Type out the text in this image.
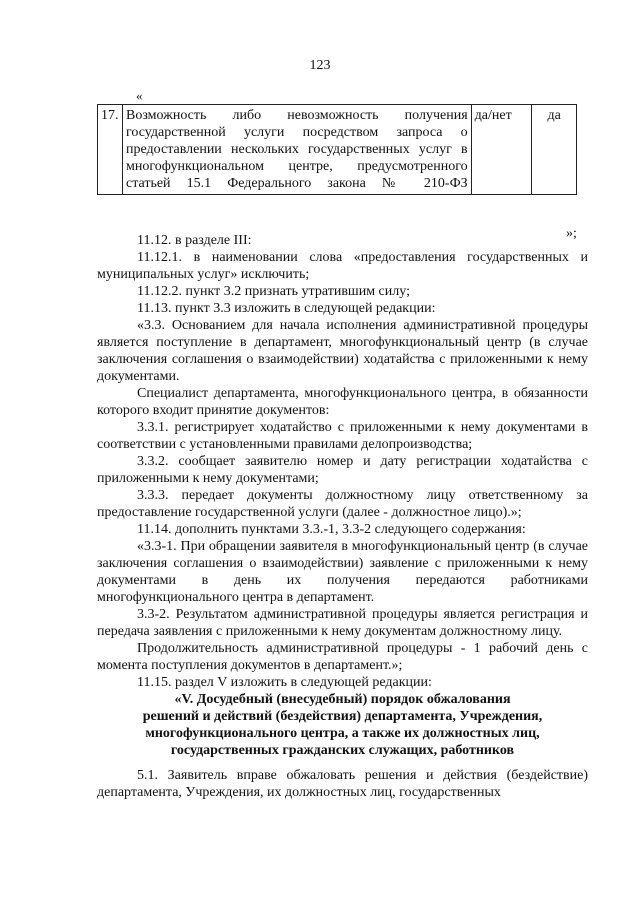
123
«
17.	Возможность либо невозможность получения государственной услуги посредством запроса о предоставлении нескольких государственных услуг в многофункциональном центре, предусмотренного статьей 15.1 Федерального закона № 210-ФЗ	да/нет	да
»;

11.12. в разделе III:

11.12.1. в наименовании слова «предоставления государственных и муниципальных услуг» исключить;

11.12.2. пункт 3.2 признать утратившим силу;

11.13. пункт 3.3 изложить в следующей редакции:

«3.3. Основанием для начала исполнения административной процедуры является поступление в департамент, многофункциональный центр (в случае заключения соглашения о взаимодействии) ходатайства с приложенными к нему документами.

Специалист департамента, многофункционального центра, в обязанности которого входит принятие документов:

3.3.1. регистрирует ходатайство с приложенными к нему документами в соответствии с установленными правилами делопроизводства;

3.3.2. сообщает заявителю номер и дату регистрации ходатайства с приложенными к нему документами;

3.3.3. передает документы должностному лицу ответственному за предоставление государственной услуги (далее - должностное лицо).»;

11.14. дополнить пунктами 3.3.-1, 3.3-2 следующего содержания:

«3.3-1. При обращении заявителя в многофункциональный центр (в случае заключения соглашения о взаимодействии) заявление с приложенными к нему документами в день их получения передаются работниками многофункционального центра в департамент.

3.3-2. Результатом административной процедуры является регистрация и передача заявления с приложенными к нему документам должностному лицу.

Продолжительность административной процедуры - 1 рабочий день с момента поступления документов в департамент.»;

11.15. раздел V изложить в следующей редакции:

«V. Досудебный (внесудебный) порядок обжалования

решений и действий (бездействия) департамента, Учреждения,

многофункционального центра, а также их должностных лиц,

государственных гражданских служащих, работников

5.1. Заявитель вправе обжаловать решения и действия (бездействие) департамента, Учреждения, их должностных лиц, государственных
